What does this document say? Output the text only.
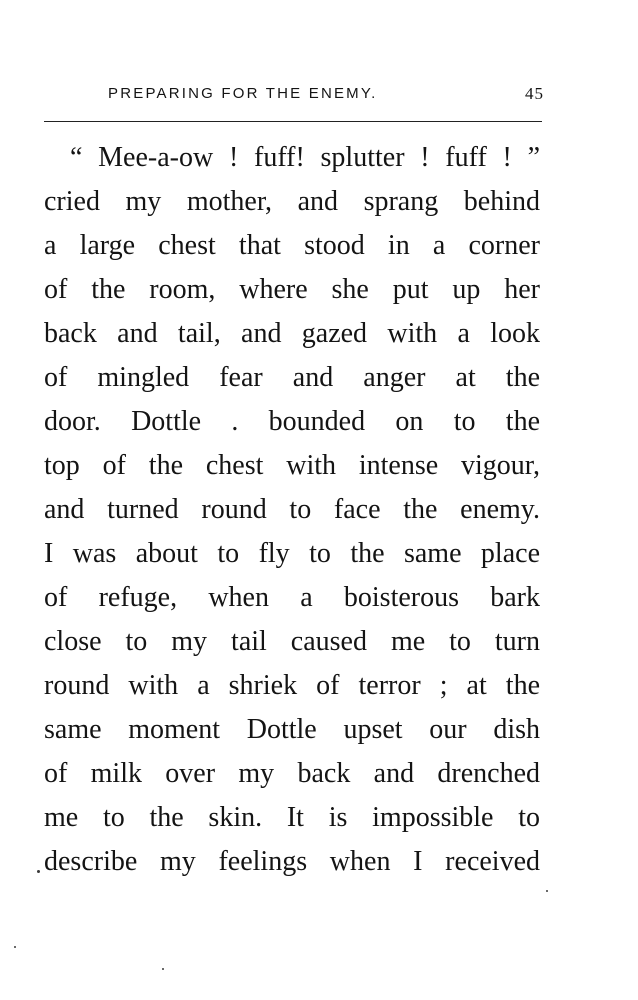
PREPARING FOR THE ENEMY.	45
“ Mee-a-ow ! fuff! splutter ! fuff ! ”
cried my mother, and sprang behind
a large chest that stood in a corner
of the room, where she put up her
back and tail, and gazed with a look
of mingled fear and anger at the
door. Dottle . bounded on to the
top of the chest with intense vigour,
and turned round to face the enemy.
I was about to fly to the same place
of refuge, when a boisterous bark
close to my tail caused me to turn
round with a shriek of terror ; at the
same moment Dottle upset our dish
of milk over my back and drenched
me to the skin. It is impossible to
describe my feelings when I received
